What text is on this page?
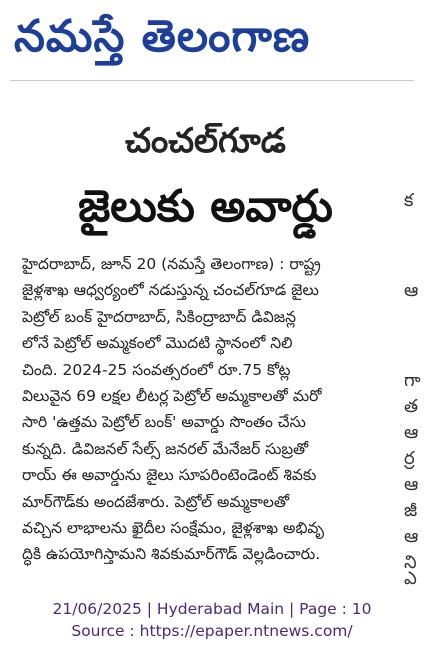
నమస్తే తెలంగాణ
చంచల్‌గూడ
జైలుకు అవార్డు
హైదరాబాద్‌, జూన్‌ 20 (నమస్తే తెలంగాణ) : రాష్ట్ర
జైళ్లశాఖ ఆధ్వర్యంలో నడుస్తున్న చంచల్‌గూడ జైలు
పెట్రోల్‌ బంక్‌ హైదరాబాద్‌, సికింద్రాబాద్‌ డివిజన్ల
లోనే పెట్రోల్‌ అమ్మకంలో మొదటి స్థానంలో నిలి
చింది. 2024-25 సంవత్సరంలో రూ.75 కోట్ల
విలువైన 69 లక్షల లీటర్ల పెట్రోల్‌ అమ్మకాలతో మరో
సారి 'ఉత్తమ పెట్రోల్‌ బంక్‌' అవార్డు సొంతం చేసు
కున్నది. డివిజనల్‌ సేల్స్‌ జనరల్‌ మేనేజర్‌ సుబ్రతో
రాయ్‌ ఈ అవార్డును జైలు సూపరింటెండెంట్‌ శివకు
మార్‌గౌడ్‌కు అందజేశారు. పెట్రోల్‌ అమ్మకాలతో
వచ్చిన లాభాలను ఖైదీల సంక్షేమం, జైళ్లశాఖ అభివృ
ద్ధికి ఉపయోగిస్తామని శివకుమార్‌గౌడ్‌ వెల్లడించారు.
క
ఆ
గా
త
ఆ
ర్ర
ఆ
జీ
ఆ
ని
ఎ
21/06/2025 | Hyderabad Main | Page : 10
Source : https://epaper.ntnews.com/
